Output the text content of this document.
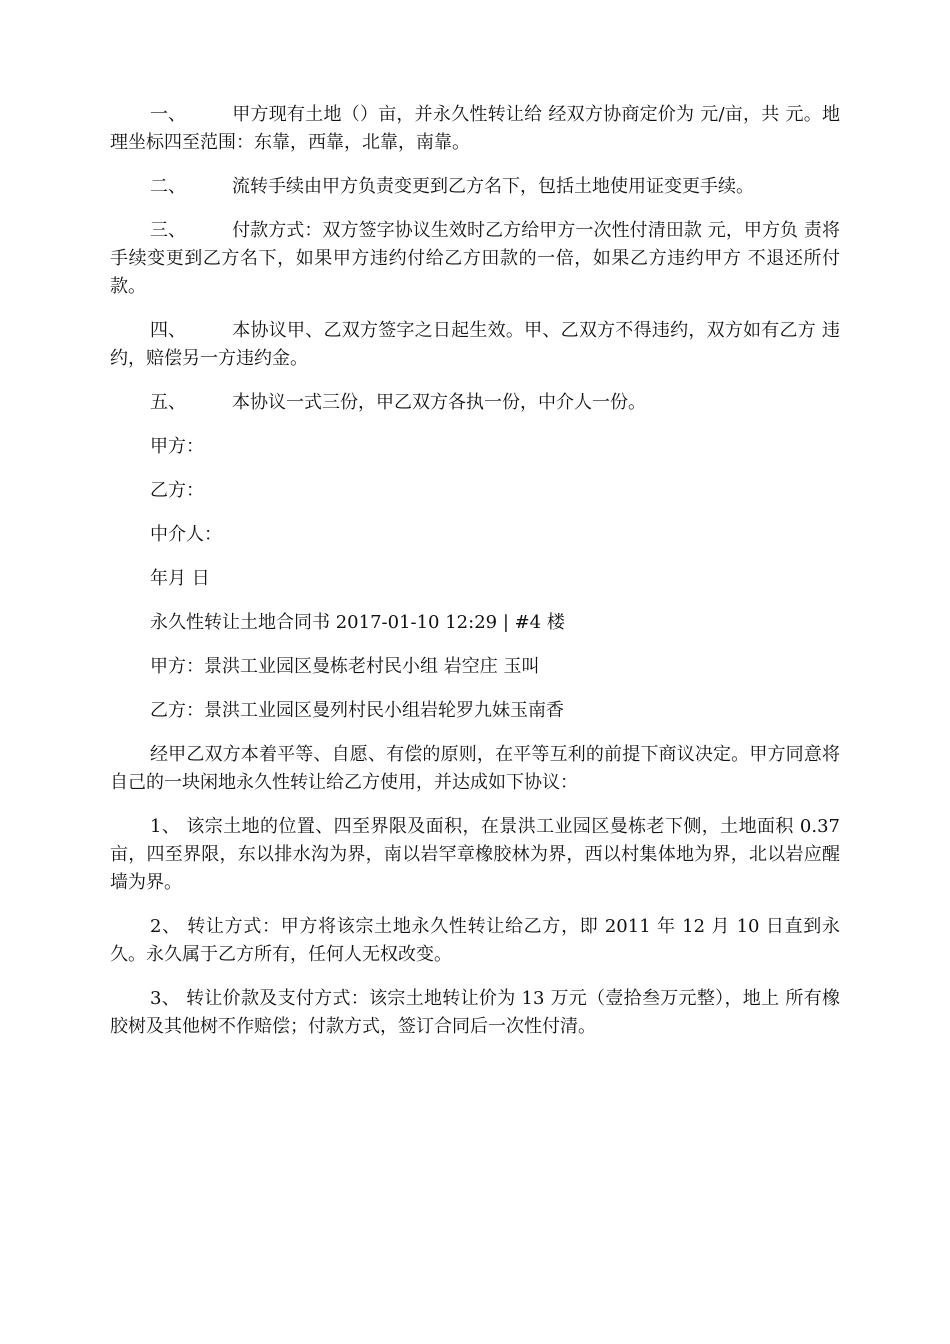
一、	甲方现有土地（）亩，并永久性转让给 经双方协商定价为 元/亩，共 元。地理坐标四至范围：东靠，西靠，北靠，南靠。

二、	流转手续由甲方负责变更到乙方名下，包括土地使用证变更手续。

三、	付款方式：双方签字协议生效时乙方给甲方一次性付清田款 元，甲方负 责将手续变更到乙方名下，如果甲方违约付给乙方田款的一倍，如果乙方违约甲方 不退还所付款。

四、	本协议甲、乙双方签字之日起生效。甲、乙双方不得违约，双方如有乙方 违约，赔偿另一方违约金。

五、	本协议一式三份，甲乙双方各执一份，中介人一份。

甲方：

乙方：

中介人：

年月 日

永久性转让土地合同书 2017-01-10 12:29 | #4 楼

甲方：景洪工业园区曼栋老村民小组 岩空庄 玉叫

乙方：景洪工业园区曼列村民小组岩轮罗九妹玉南香

经甲乙双方本着平等、自愿、有偿的原则，在平等互利的前提下商议决定。甲方同意将自己的一块闲地永久性转让给乙方使用，并达成如下协议：

1、 该宗土地的位置、四至界限及面积，在景洪工业园区曼栋老下侧，土地面积 0.37 亩，四至界限，东以排水沟为界，南以岩罕章橡胶林为界，西以村集体地为界，北以岩应醒墙为界。

2、 转让方式：甲方将该宗土地永久性转让给乙方，即 2011 年 12 月 10 日直到永久。永久属于乙方所有，任何人无权改变。

3、 转让价款及支付方式：该宗土地转让价为 13 万元（壹拾叁万元整），地上 所有橡胶树及其他树不作赔偿；付款方式，签订合同后一次性付清。
